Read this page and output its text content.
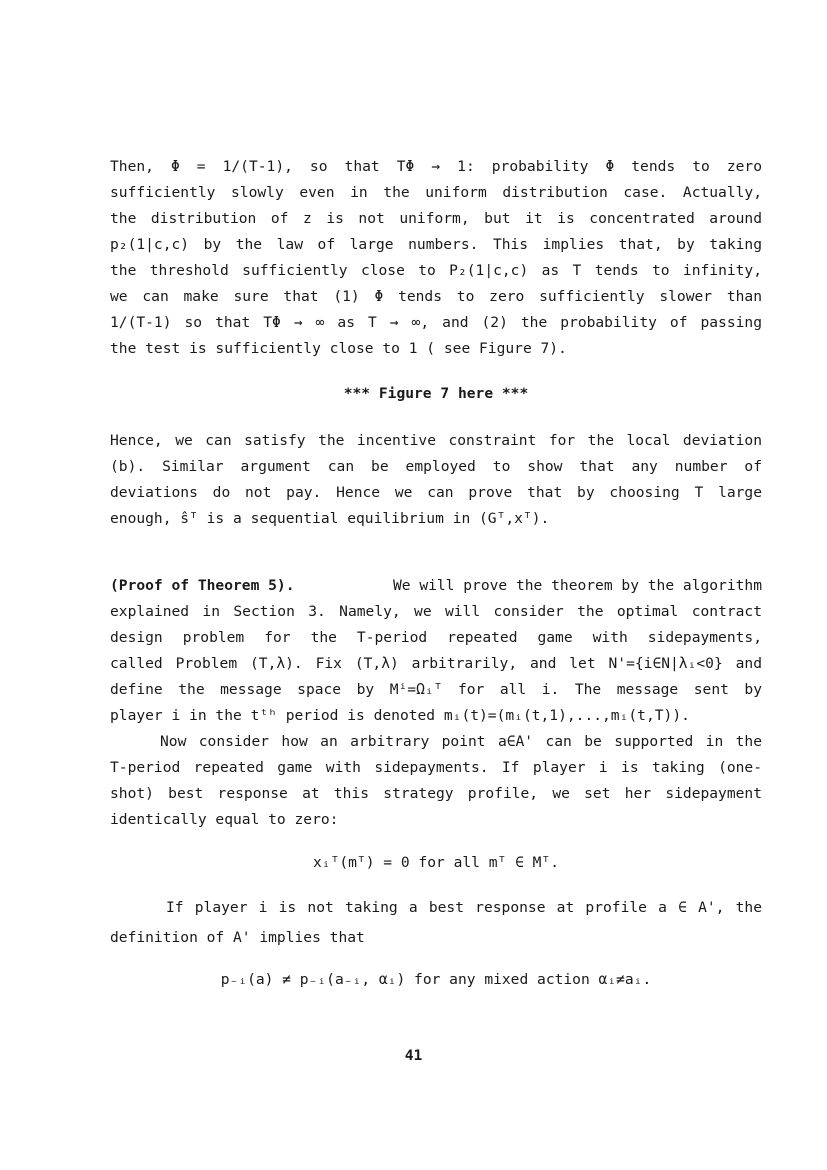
Then, Φ = 1/(T-1), so that TΦ → 1: probability Φ tends to zero
sufficiently slowly even in the uniform distribution case. Actually,
the distribution of z is not uniform, but it is concentrated around
p₂(1|c,c) by the law of large numbers. This implies that, by taking
the threshold sufficiently close to P₂(1|c,c) as T tends to infinity,
we can make sure that (1) Φ tends to zero sufficiently slower than
1/(T-1) so that TΦ → ∞ as T → ∞, and (2) the probability of passing
the test is sufficiently close to 1 ( see Figure 7).
*** Figure 7 here ***
Hence, we can satisfy the incentive constraint for the local deviation
(b). Similar argument can be employed to show that any number of
deviations do not pay. Hence we can prove that by choosing T large
enough, ŝᵀ is a sequential equilibrium in (Gᵀ,xᵀ).
(Proof of Theorem 5).	We will prove the theorem by the algorithm
explained in Section 3. Namely, we will consider the optimal contract
design problem for the T-period repeated game with sidepayments,
called Problem (T,λ). Fix (T,λ) arbitrarily, and let N'={i∈N|λᵢ<0} and
define the message space by Mⁱ=Ωᵢᵀ for all i. The message sent by
player i in the tᵗʰ period is denoted mᵢ(t)=(mᵢ(t,1),...,mᵢ(t,T)).
Now consider how an arbitrary point a∈A' can be supported in the
T-period repeated game with sidepayments. If player i is taking (one-
shot) best response at this strategy profile, we set her sidepayment
identically equal to zero:
xᵢᵀ(mᵀ) = 0 for all mᵀ ∈ Mᵀ.
If player i is not taking a best response at profile a ∈ A', the
definition of A' implies that
p₋ᵢ(a) ≠ p₋ᵢ(a₋ᵢ, αᵢ) for any mixed action αᵢ≠aᵢ.
41
